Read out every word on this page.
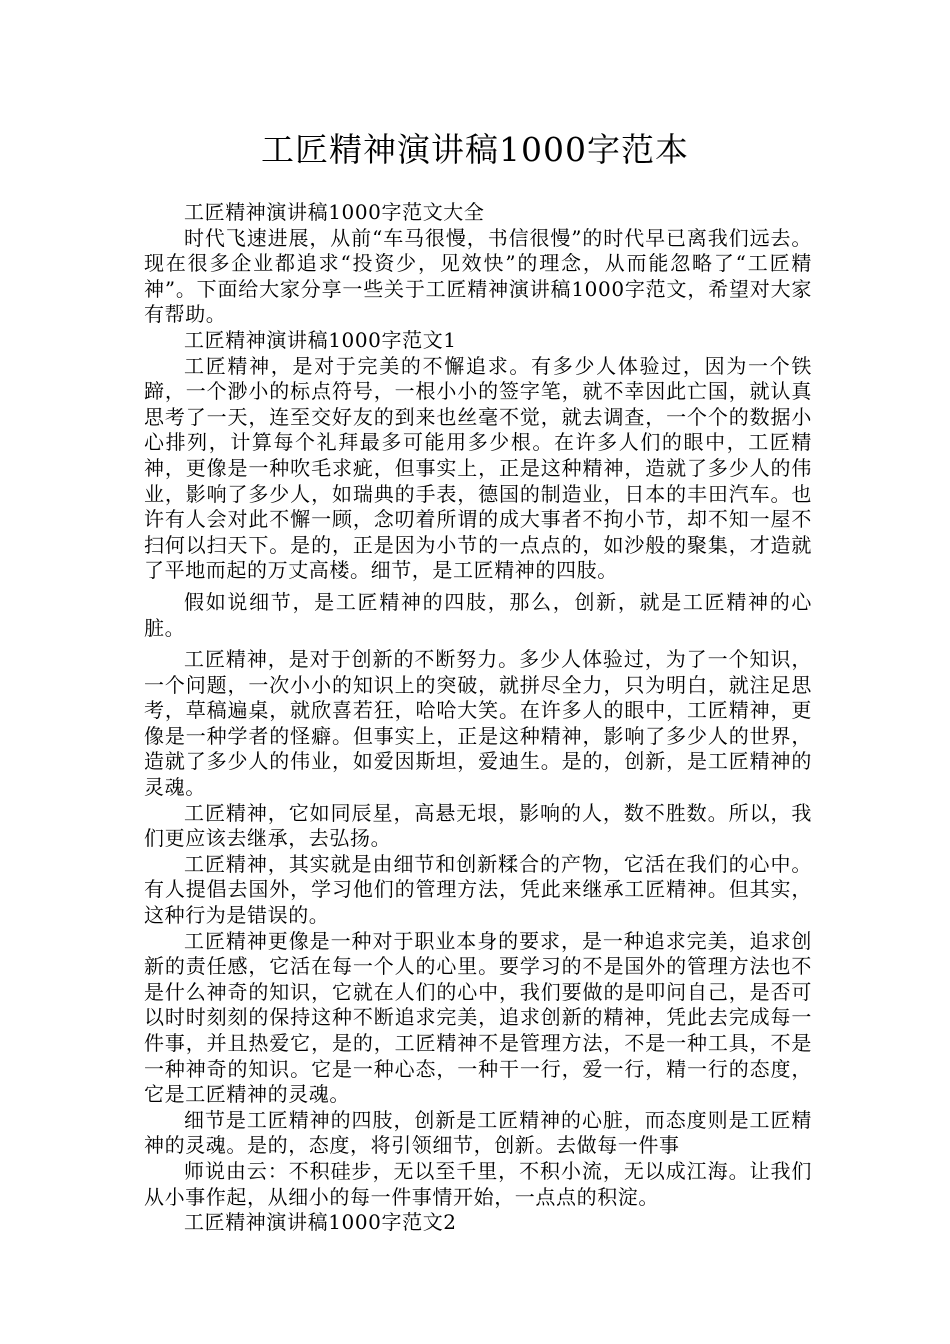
工匠精神演讲稿1000字范本

工匠精神演讲稿1000字范文大全

时代飞速进展，从前“车马很慢，书信很慢”的时代早已离我们远去。现在很多企业都追求“投资少，见效快”的理念，从而能忽略了“工匠精神”。下面给大家分享一些关于工匠精神演讲稿1000字范文，希望对大家有帮助。

工匠精神演讲稿1000字范文1

工匠精神，是对于完美的不懈追求。有多少人体验过，因为一个铁蹄，一个渺小的标点符号，一根小小的签字笔，就不幸因此亡国，就认真思考了一天，连至交好友的到来也丝毫不觉，就去调查，一个个的数据小心排列，计算每个礼拜最多可能用多少根。在许多人们的眼中，工匠精神，更像是一种吹毛求疵，但事实上，正是这种精神，造就了多少人的伟业，影响了多少人，如瑞典的手表，德国的制造业，日本的丰田汽车。也许有人会对此不懈一顾，念叨着所谓的成大事者不拘小节，却不知一屋不扫何以扫天下。是的，正是因为小节的一点点的，如沙般的聚集，才造就了平地而起的万丈高楼。细节，是工匠精神的四肢。

假如说细节，是工匠精神的四肢，那么，创新，就是工匠精神的心脏。

工匠精神，是对于创新的不断努力。多少人体验过，为了一个知识，一个问题，一次小小的知识上的突破，就拼尽全力，只为明白，就注足思考，草稿遍桌，就欣喜若狂，哈哈大笑。在许多人的眼中，工匠精神，更像是一种学者的怪癖。但事实上，正是这种精神，影响了多少人的世界，造就了多少人的伟业，如爱因斯坦，爱迪生。是的，创新，是工匠精神的灵魂。

工匠精神，它如同辰星，高悬无垠，影响的人，数不胜数。所以，我们更应该去继承，去弘扬。

工匠精神，其实就是由细节和创新糅合的产物，它活在我们的心中。有人提倡去国外，学习他们的管理方法，凭此来继承工匠精神。但其实，这种行为是错误的。

工匠精神更像是一种对于职业本身的要求，是一种追求完美，追求创新的责任感，它活在每一个人的心里。要学习的不是国外的管理方法也不是什么神奇的知识，它就在人们的心中，我们要做的是叩问自己，是否可以时时刻刻的保持这种不断追求完美，追求创新的精神，凭此去完成每一件事，并且热爱它，是的，工匠精神不是管理方法，不是一种工具，不是一种神奇的知识。它是一种心态，一种干一行，爱一行，精一行的态度，它是工匠精神的灵魂。

细节是工匠精神的四肢，创新是工匠精神的心脏，而态度则是工匠精神的灵魂。是的，态度，将引领细节，创新。去做每一件事

师说由云：不积硅步，无以至千里，不积小流，无以成江海。让我们从小事作起，从细小的每一件事情开始，一点点的积淀。

工匠精神演讲稿1000字范文2
